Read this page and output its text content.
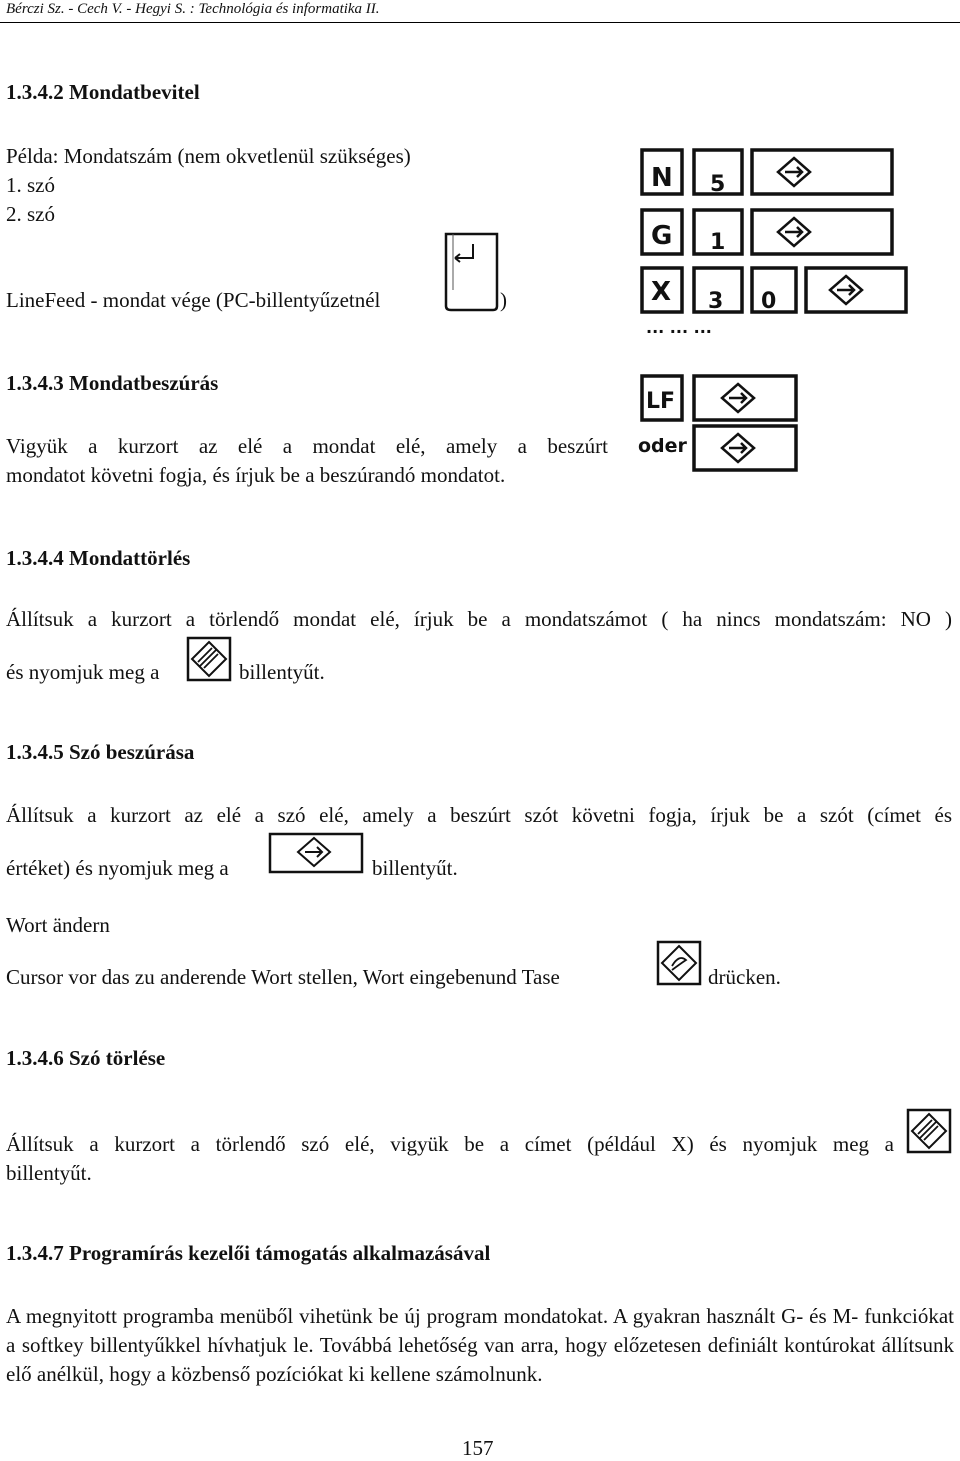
Bérczi Sz. - Cech V. - Hegyi S. : Technológia és informatika II.
1.3.4.2 Mondatbevitel
Példa: Mondatszám (nem okvetlenül szükséges)
1. szó
2. szó
LineFeed - mondat vége (PC-billentyűzetnél	)
N 5
G 1
X 3 0
... ... ...
LF
oder
1.3.4.3 Mondatbeszúrás
Vigyük a kurzort az elé a mondat elé, amely a beszúrt
mondatot követni fogja, és írjuk be a beszúrandó mondatot.
1.3.4.4 Mondattörlés
Állítsuk a kurzort a törlendő mondat elé, írjuk be a mondatszámot ( ha nincs mondatszám: NO )
és nyomjuk meg a	billentyűt.
1.3.4.5 Szó beszúrása
Állítsuk a kurzort az elé a szó elé, amely a beszúrt szót követni fogja, írjuk be a szót (címet és
értéket) és nyomjuk meg a	billentyűt.
Wort ändern
Cursor vor das zu anderende Wort stellen, Wort eingebenund Tase	drücken.
1.3.4.6 Szó törlése
Állítsuk a kurzort a törlendő szó elé, vigyük be a címet (például X) és nyomjuk meg a
billentyűt.
1.3.4.7 Programírás kezelői támogatás alkalmazásával
A megnyitott programba menüből vihetünk be új program mondatokat. A gyakran használt G- és M- funkciókat a softkey billentyűkkel hívhatjuk le. Továbbá lehetőség van arra, hogy előzetesen definiált kontúrokat állítsunk elő anélkül, hogy a közbenső pozíciókat ki kellene számolnunk.
157
